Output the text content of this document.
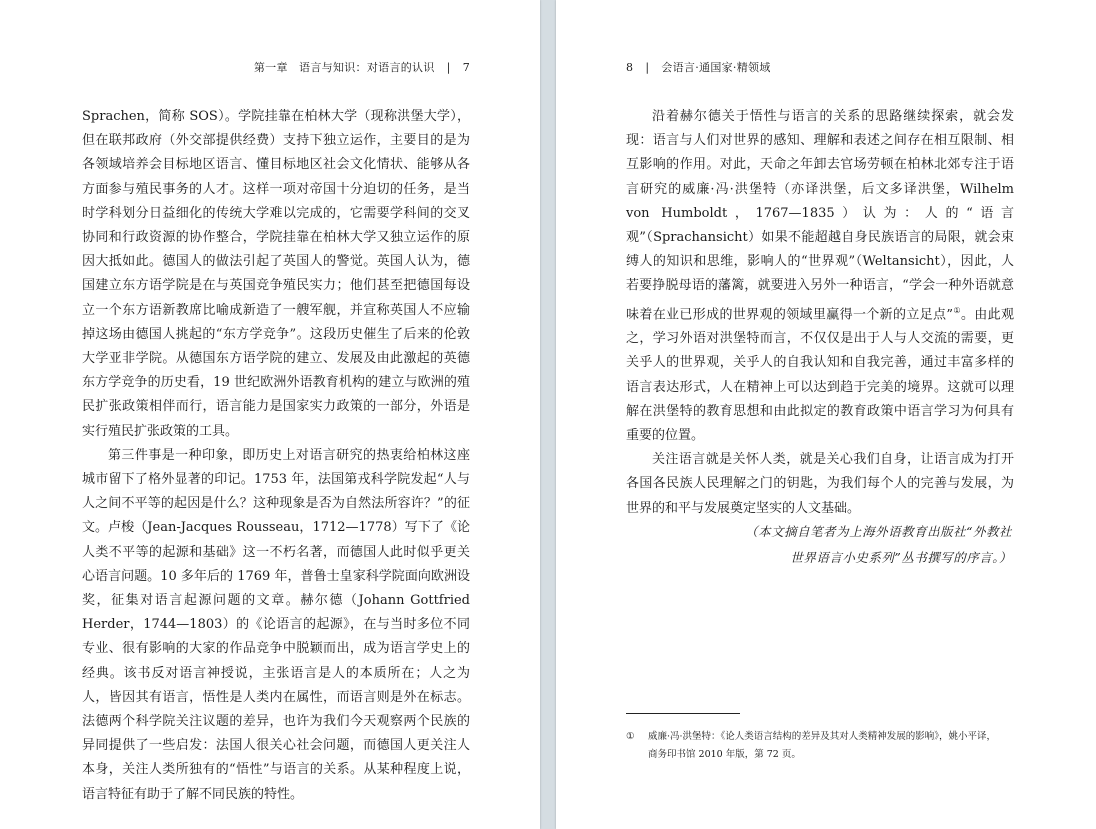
第一章　语言与知识：对语言的认识 | 7

Sprachen，简称 SOS）。学院挂靠在柏林大学（现称洪堡大学），但在联邦政府（外交部提供经费）支持下独立运作，主要目的是为各领域培养会目标地区语言、懂目标地区社会文化情状、能够从各方面参与殖民事务的人才。这样一项对帝国十分迫切的任务，是当时学科划分日益细化的传统大学难以完成的，它需要学科间的交叉协同和行政资源的协作整合，学院挂靠在柏林大学又独立运作的原因大抵如此。德国人的做法引起了英国人的警觉。英国人认为，德国建立东方语学院是在与英国竞争殖民实力；他们甚至把德国每设立一个东方语新教席比喻成新造了一艘军舰，并宣称英国人不应输掉这场由德国人挑起的“东方学竞争”。这段历史催生了后来的伦敦大学亚非学院。从德国东方语学院的建立、发展及由此激起的英德东方学竞争的历史看，19 世纪欧洲外语教育机构的建立与欧洲的殖民扩张政策相伴而行，语言能力是国家实力政策的一部分，外语是实行殖民扩张政策的工具。

第三件事是一种印象，即历史上对语言研究的热衷给柏林这座城市留下了格外显著的印记。1753 年，法国第戎科学院发起“人与人之间不平等的起因是什么？这种现象是否为自然法所容许？”的征文。卢梭（Jean-Jacques Rousseau，1712—1778）写下了《论人类不平等的起源和基础》这一不朽名著，而德国人此时似乎更关心语言问题。10 多年后的 1769 年，普鲁士皇家科学院面向欧洲设奖，征集对语言起源问题的文章。赫尔德（Johann Gottfried Herder，1744—1803）的《论语言的起源》，在与当时多位不同专业、很有影响的大家的作品竞争中脱颖而出，成为语言学史上的经典。该书反对语言神授说，主张语言是人的本质所在；人之为人，皆因其有语言，悟性是人类内在属性，而语言则是外在标志。法德两个科学院关注议题的差异，也许为我们今天观察两个民族的异同提供了一些启发：法国人很关心社会问题，而德国人更关注人本身，关注人类所独有的“悟性”与语言的关系。从某种程度上说，语言特征有助于了解不同民族的特性。

8 | 会语言·通国家·精领域

沿着赫尔德关于悟性与语言的关系的思路继续探索，就会发现：语言与人们对世界的感知、理解和表述之间存在相互限制、相互影响的作用。对此，天命之年卸去官场劳顿在柏林北郊专注于语言研究的威廉·冯·洪堡特（亦译洪堡，后文多译洪堡，Wilhelm von Humboldt，1767—1835）认为：人的“语言观”（Sprachansicht）如果不能超越自身民族语言的局限，就会束缚人的知识和思维，影响人的“世界观”（Weltansicht），因此，人若要挣脱母语的藩篱，就要进入另外一种语言，“学会一种外语就意味着在业已形成的世界观的领域里赢得一个新的立足点”①。由此观之，学习外语对洪堡特而言，不仅仅是出于人与人交流的需要，更关乎人的世界观，关乎人的自我认知和自我完善，通过丰富多样的语言表达形式，人在精神上可以达到趋于完美的境界。这就可以理解在洪堡特的教育思想和由此拟定的教育政策中语言学习为何具有重要的位置。

关注语言就是关怀人类，就是关心我们自身，让语言成为打开各国各民族人民理解之门的钥匙，为我们每个人的完善与发展，为世界的和平与发展奠定坚实的人文基础。

（本文摘自笔者为上海外语教育出版社“外教社
世界语言小史系列”丛书撰写的序言。）
① 威廉·冯·洪堡特：《论人类语言结构的差异及其对人类精神发展的影响》，姚小平译，
商务印书馆 2010 年版，第 72 页。
